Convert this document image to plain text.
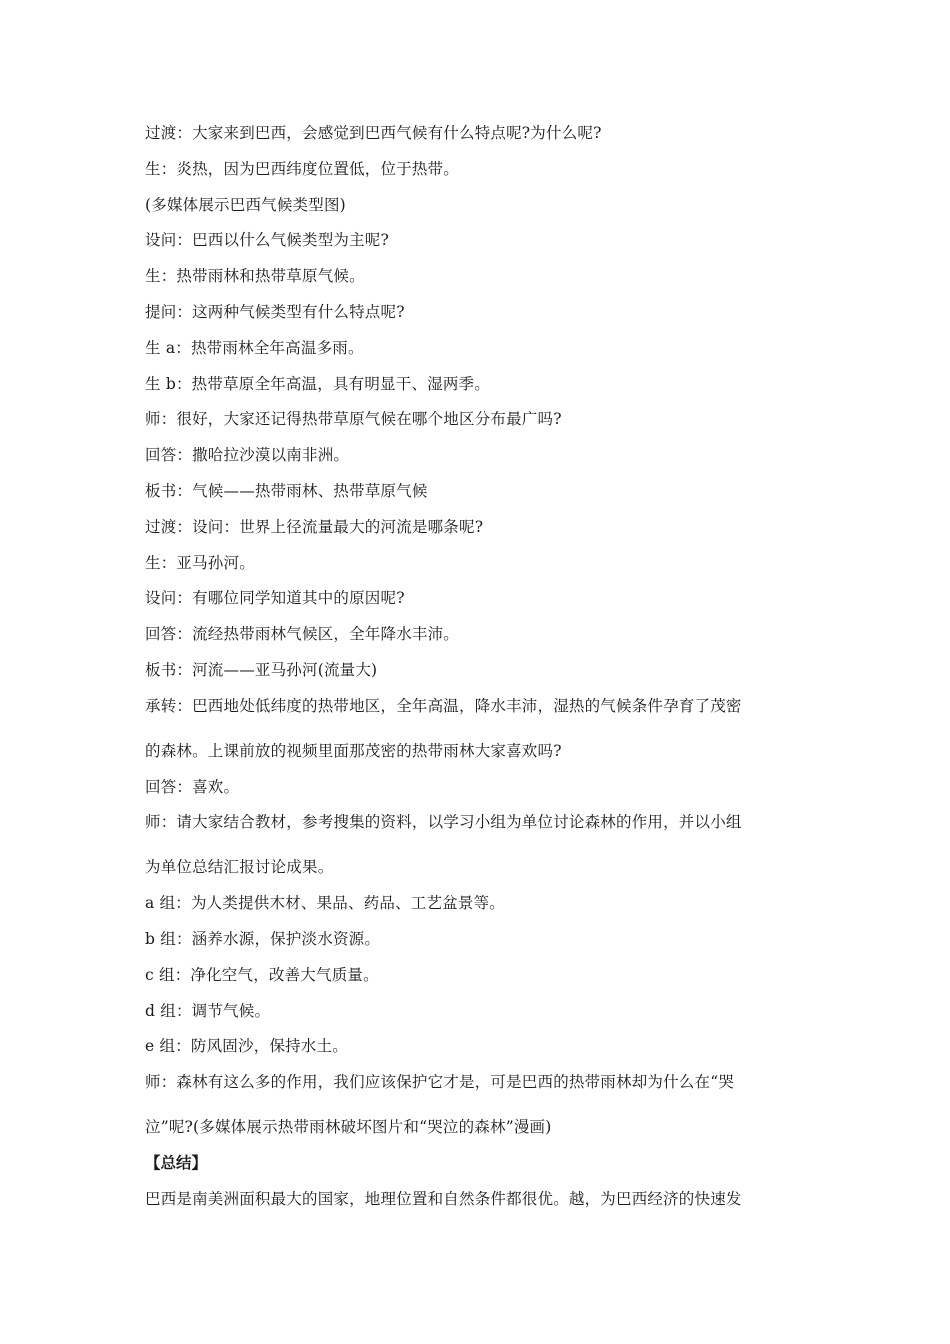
过渡：大家来到巴西，会感觉到巴西气候有什么特点呢?为什么呢?

生：炎热，因为巴西纬度位置低，位于热带。

(多媒体展示巴西气候类型图)

设问：巴西以什么气候类型为主呢?

生：热带雨林和热带草原气候。

提问：这两种气候类型有什么特点呢?

生 a：热带雨林全年高温多雨。

生 b：热带草原全年高温，具有明显干、湿两季。

师：很好，大家还记得热带草原气候在哪个地区分布最广吗?

回答：撒哈拉沙漠以南非洲。

板书：气候——热带雨林、热带草原气候

过渡：设问：世界上径流量最大的河流是哪条呢?

生：亚马孙河。

设问：有哪位同学知道其中的原因呢?

回答：流经热带雨林气候区，全年降水丰沛。

板书：河流——亚马孙河(流量大)

承转：巴西地处低纬度的热带地区，全年高温，降水丰沛，湿热的气候条件孕育了茂密

的森林。上课前放的视频里面那茂密的热带雨林大家喜欢吗?

回答：喜欢。

师：请大家结合教材，参考搜集的资料，以学习小组为单位讨论森林的作用，并以小组

为单位总结汇报讨论成果。

a 组：为人类提供木材、果品、药品、工艺盆景等。

b 组：涵养水源，保护淡水资源。

c 组：净化空气，改善大气质量。

d 组：调节气候。

e 组：防风固沙，保持水土。

师：森林有这么多的作用，我们应该保护它才是，可是巴西的热带雨林却为什么在“哭

泣”呢?(多媒体展示热带雨林破坏图片和“哭泣的森林”漫画)

【总结】

巴西是南美洲面积最大的国家，地理位置和自然条件都很优。越，为巴西经济的快速发
